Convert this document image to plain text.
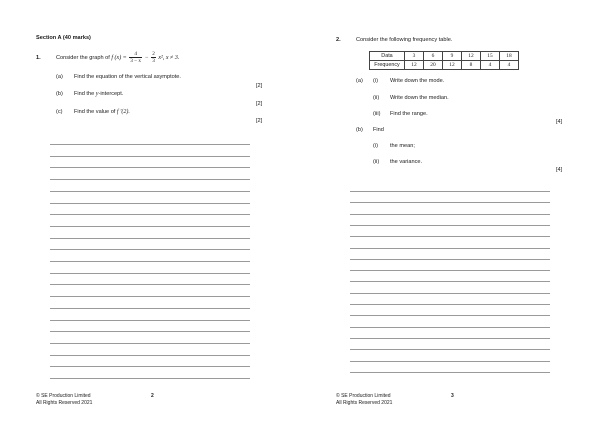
Section A (40 marks)
1.	Consider the graph of f $(x) = \frac{4}{3 - x} - \frac{2}{3} x^2$, x ≠ 3.
(a) Find the equation of the vertical asymptote.
[2]
(b) Find the y-intercept.
[2]
(c) Find the value of f ′(2).
[2]
© SE Production Limited
All Rights Reserved 2021
2
2.	Consider the following frequency table.
Data	3	6	9	12	15	18
Frequency	12	20	12	8	4	4
(a) (i) Write down the mode.
(ii) Write down the median.
(iii) Find the range.
[4]
(b) Find
(i) the mean;
(ii) the variance.
[4]
© SE Production Limited
All Rights Reserved 2021
3
